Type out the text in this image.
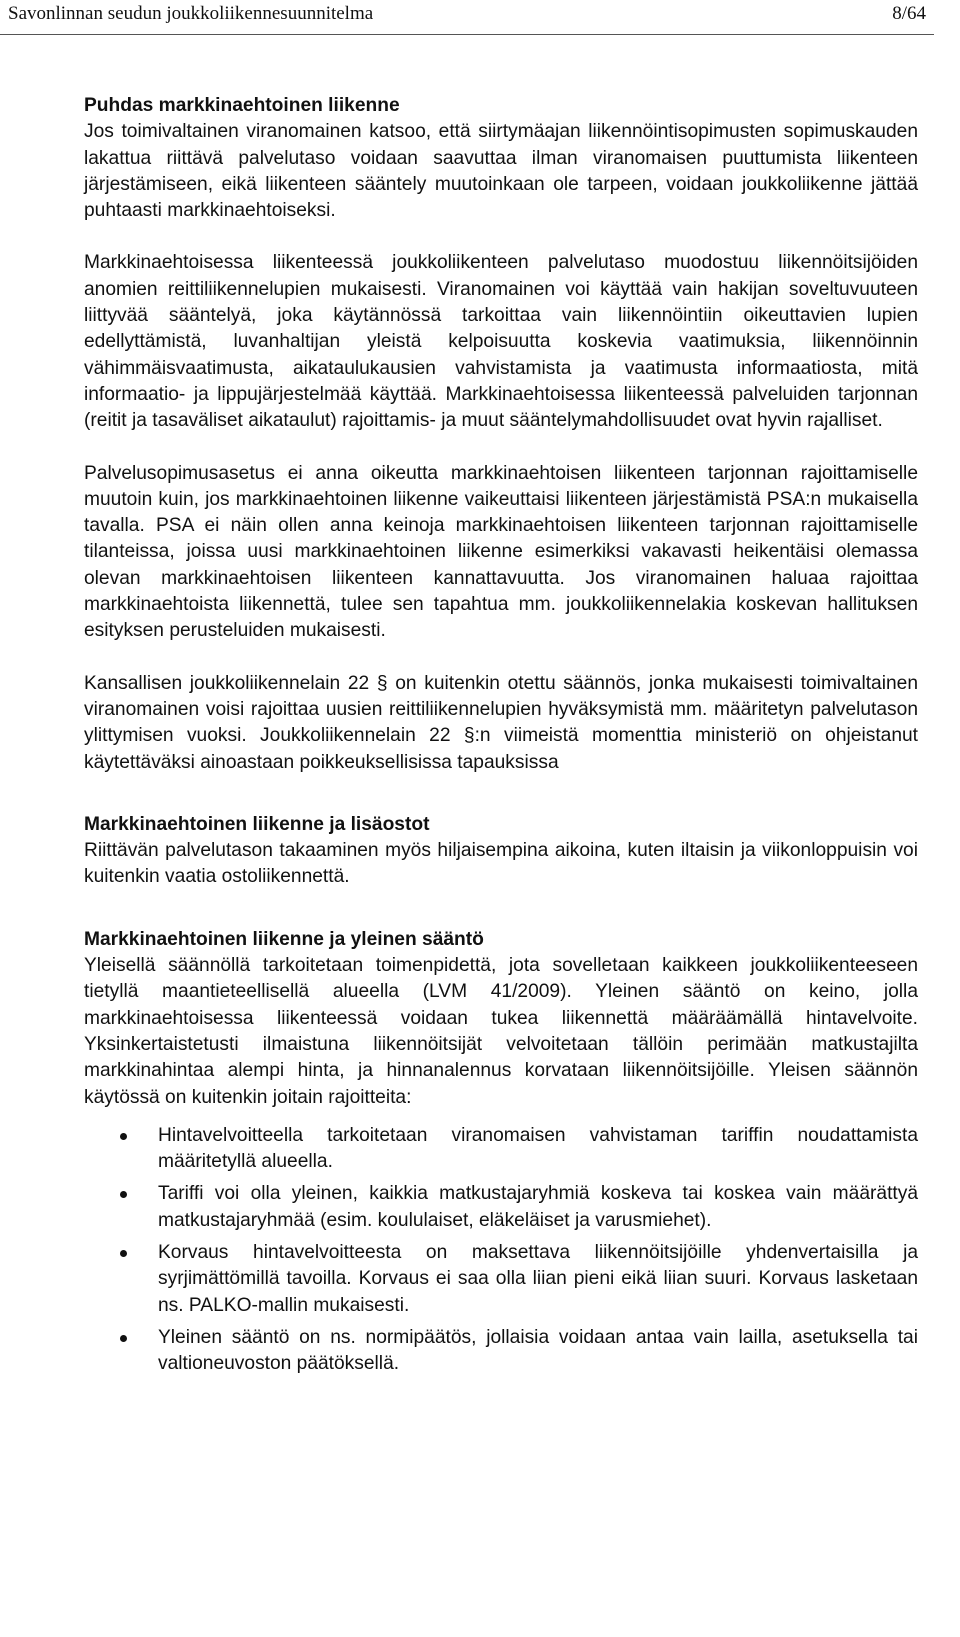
Savonlinnan seudun joukkoliikennesuunnitelma	8/64
Puhdas markkinaehtoinen liikenne

Jos toimivaltainen viranomainen katsoo, että siirtymäajan liikennöintisopimusten sopimuskauden lakattua riittävä palvelutaso voidaan saavuttaa ilman viranomaisen puuttumista liikenteen järjestämiseen, eikä liikenteen sääntely muutoinkaan ole tarpeen, voidaan joukkoliikenne jättää puhtaasti markkinaehtoiseksi.

Markkinaehtoisessa liikenteessä joukkoliikenteen palvelutaso muodostuu liikennöitsijöiden anomien reittiliikennelupien mukaisesti. Viranomainen voi käyttää vain hakijan soveltuvuuteen liittyvää sääntelyä, joka käytännössä tarkoittaa vain liikennöintiin oikeuttavien lupien edellyttämistä, luvanhaltijan yleistä kelpoisuutta koskevia vaatimuksia, liikennöinnin vähimmäisvaatimusta, aikataulukausien vahvistamista ja vaatimusta informaatiosta, mitä informaatio- ja lippujärjestelmää käyttää. Markkinaehtoisessa liikenteessä palveluiden tarjonnan (reitit ja tasaväliset aikataulut) rajoittamis- ja muut sääntelymahdollisuudet ovat hyvin rajalliset.

Palvelusopimusasetus ei anna oikeutta markkinaehtoisen liikenteen tarjonnan rajoittamiselle muutoin kuin, jos markkinaehtoinen liikenne vaikeuttaisi liikenteen järjestämistä PSA:n mukaisella tavalla. PSA ei näin ollen anna keinoja markkinaehtoisen liikenteen tarjonnan rajoittamiselle tilanteissa, joissa uusi markkinaehtoinen liikenne esimerkiksi vakavasti heikentäisi olemassa olevan markkinaehtoisen liikenteen kannattavuutta. Jos viranomainen haluaa rajoittaa markkinaehtoista liikennettä, tulee sen tapahtua mm. joukkoliikennelakia koskevan hallituksen esityksen perusteluiden mukaisesti.

Kansallisen joukkoliikennelain 22 § on kuitenkin otettu säännös, jonka mukaisesti toimivaltainen viranomainen voisi rajoittaa uusien reittiliikennelupien hyväksymistä mm. määritetyn palvelutason ylittymisen vuoksi. Joukkoliikennelain 22 §:n viimeistä momenttia ministeriö on ohjeistanut käytettäväksi ainoastaan poikkeuksellisissa tapauksissa

Markkinaehtoinen liikenne ja lisäostot

Riittävän palvelutason takaaminen myös hiljaisempina aikoina, kuten iltaisin ja viikonloppuisin voi kuitenkin vaatia ostoliikennettä.

Markkinaehtoinen liikenne ja yleinen sääntö

Yleisellä säännöllä tarkoitetaan toimenpidettä, jota sovelletaan kaikkeen joukkoliikenteeseen tietyllä maantieteellisellä alueella (LVM 41/2009). Yleinen sääntö on keino, jolla markkinaehtoisessa liikenteessä voidaan tukea liikennettä määräämällä hintavelvoite. Yksinkertaistetusti ilmaistuna liikennöitsijät velvoitetaan tällöin perimään matkustajilta markkinahintaa alempi hinta, ja hinnanalennus korvataan liikennöitsijöille. Yleisen säännön käytössä on kuitenkin joitain rajoitteita:

Hintavelvoitteella tarkoitetaan viranomaisen vahvistaman tariffin noudattamista määritetyllä alueella.
Tariffi voi olla yleinen, kaikkia matkustajaryhmiä koskeva tai koskea vain määrättyä matkustajaryhmää (esim. koululaiset, eläkeläiset ja varusmiehet).
Korvaus hintavelvoitteesta on maksettava liikennöitsijöille yhdenvertaisilla ja syrjimättömillä tavoilla. Korvaus ei saa olla liian pieni eikä liian suuri. Korvaus lasketaan ns. PALKO-mallin mukaisesti.
Yleinen sääntö on ns. normipäätös, jollaisia voidaan antaa vain lailla, asetuksella tai valtioneuvoston päätöksellä.
